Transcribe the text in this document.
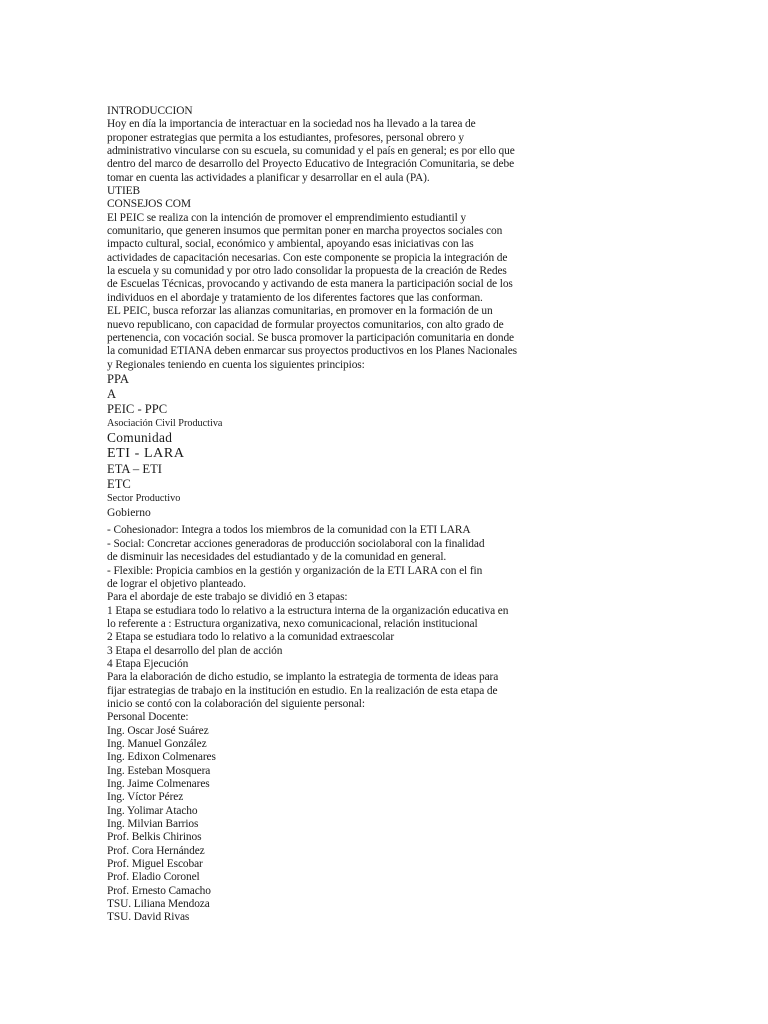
INTRODUCCION
Hoy en día la importancia de interactuar en la sociedad nos ha llevado a la tarea de
proponer estrategias que permita a los estudiantes, profesores, personal obrero y
administrativo vincularse con su escuela, su comunidad y el país en general; es por ello que
dentro del marco de desarrollo del Proyecto Educativo de Integración Comunitaria, se debe
tomar en cuenta las actividades a planificar y desarrollar en el aula (PA).
UTIEB
CONSEJOS COM
El PEIC se realiza con la intención de promover el emprendimiento estudiantil y
comunitario, que generen insumos que permitan poner en marcha proyectos sociales con
impacto cultural, social, económico y ambiental, apoyando esas iniciativas con las
actividades de capacitación necesarias. Con este componente se propicia la integración de
la escuela y su comunidad y por otro lado consolidar la propuesta de la creación de Redes
de Escuelas Técnicas, provocando y activando de esta manera la participación social de los
individuos en el abordaje y tratamiento de los diferentes factores que las conforman.
EL PEIC, busca reforzar las alianzas comunitarias, en promover en la formación de un
nuevo republicano, con capacidad de formular proyectos comunitarios, con alto grado de
pertenencia, con vocación social. Se busca promover la participación comunitaria en donde
la comunidad ETIANA deben enmarcar sus proyectos productivos en los Planes Nacionales
y Regionales teniendo en cuenta los siguientes principios:
PPA
A
PEIC - PPC
Asociación Civil Productiva
Comunidad
ETI - LARA
ETA – ETI
ETC
Sector Productivo
Gobierno
- Cohesionador: Integra a todos los miembros de la comunidad con la ETI LARA
- Social: Concretar acciones generadoras de producción sociolaboral con la finalidad
de disminuir las necesidades del estudiantado y de la comunidad en general.
- Flexible: Propicia cambios en la gestión y organización de la ETI LARA con el fin
de lograr el objetivo planteado.
Para el abordaje de este trabajo se dividió en 3 etapas:
1 Etapa se estudiara todo lo relativo a la estructura interna de la organización educativa en
lo referente a : Estructura organizativa, nexo comunicacional, relación institucional
2 Etapa se estudiara todo lo relativo a la comunidad extraescolar
3 Etapa el desarrollo del plan de acción
4 Etapa Ejecución
Para la elaboración de dicho estudio, se implanto la estrategia de tormenta de ideas para
fijar estrategias de trabajo en la institución en estudio. En la realización de esta etapa de
inicio se contó con la colaboración del siguiente personal:
Personal Docente:
Ing. Oscar José Suárez
Ing. Manuel González
Ing. Edixon Colmenares
Ing. Esteban Mosquera
Ing. Jaime Colmenares
Ing. Víctor Pérez
Ing. Yolimar Atacho
Ing. Milvian Barrios
Prof. Belkis Chirinos
Prof. Cora Hernández
Prof. Miguel Escobar
Prof. Eladio Coronel
Prof. Ernesto Camacho
TSU. Liliana Mendoza
TSU. David Rivas
